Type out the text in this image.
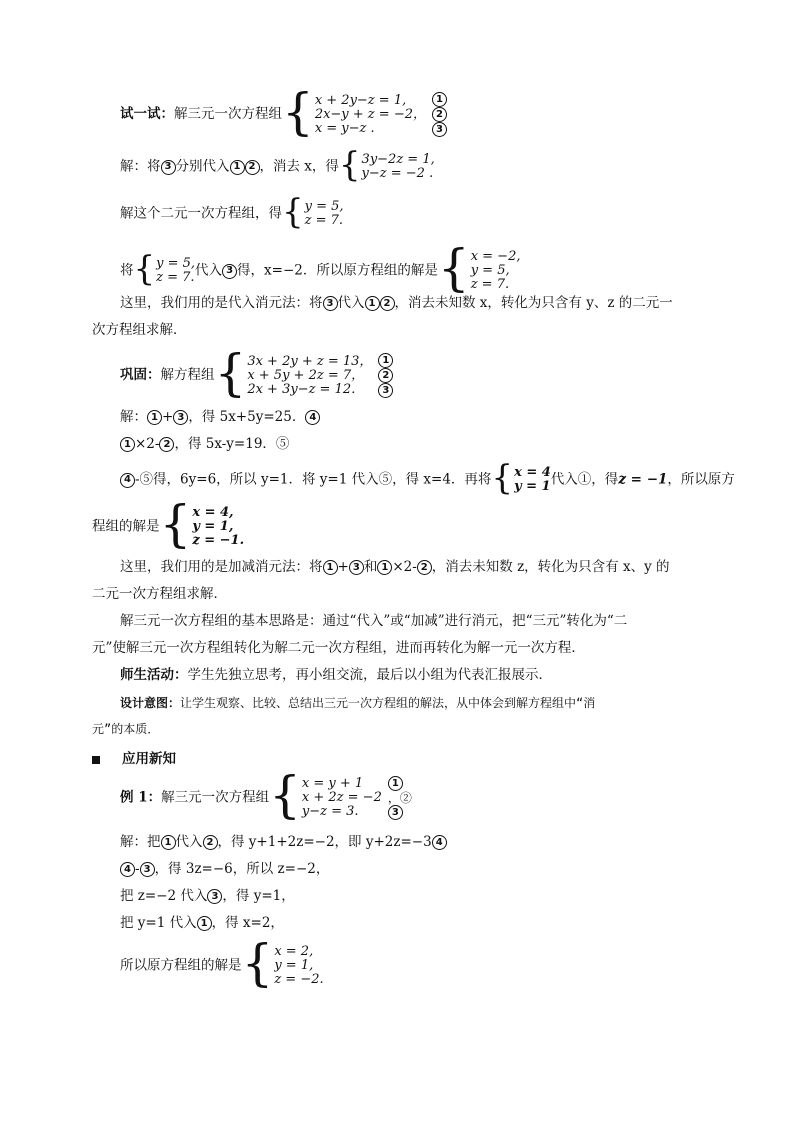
试一试：解三元一次方程组 { x + 2y−z = 1,
2x−y + z = −2，
x = y−z .
1
2
3
解：将 3 分别代入 1 2 ，消去 x，得 { 3y−2z = 1,
y−z = −2 .
解这个二元一次方程组，得 { y = 5,
z = 7.
将 { y = 5,
z = 7. 代入 3 得，x=−2．所以原方程组的解是 { x = −2,
y = 5,
z = 7.
这里，我们用的是代入消元法：将 3 代入 1 2 ，消去未知数 x，转化为只含有 y、z 的二元一
次方程组求解．
巩固：解方程组 { 3x + 2y + z = 13，
x + 5y + 2z = 7，
2x + 3y−z = 12．
1
2
3
解： 1 + 3 ，得 5x+5y=25． 4
1 ×2- 2 ，得 5x-y=19．⑤
4 -⑤得，6y=6，所以 y=1．将 y=1 代入⑤，得 x=4．再将 { x = 4
y = 1 代入①，得z = −1，所以原方
程组的解是 { x = 4,
y = 1,
z = −1.
这里，我们用的是加减消元法：将 1 + 3 和 1 ×2- 2 ，消去未知数 z，转化为只含有 x、y 的
二元一次方程组求解．
解三元一次方程组的基本思路是：通过“代入”或“加减”进行消元，把“三元”转化为“二
元”使解三元一次方程组转化为解二元一次方程组，进而再转化为解一元一次方程．
师生活动：学生先独立思考，再小组交流，最后以小组为代表汇报展示．
设计意图：让学生观察、比较、总结出三元一次方程组的解法，从中体会到解方程组中“消
元”的本质．
应用新知
例 1：解三元一次方程组 { x = y + 1
x + 2z = −2
y−z = 3.
1
，②
3
解：把 1 代入 2 ，得 y+1+2z=−2，即 y+2z=−3 4
4 - 3 ，得 3z=−6，所以 z=−2，
把 z=−2 代入 3 ，得 y=1，
把 y=1 代入 1 ，得 x=2，
所以原方程组的解是 { x = 2,
y = 1,
z = −2.
